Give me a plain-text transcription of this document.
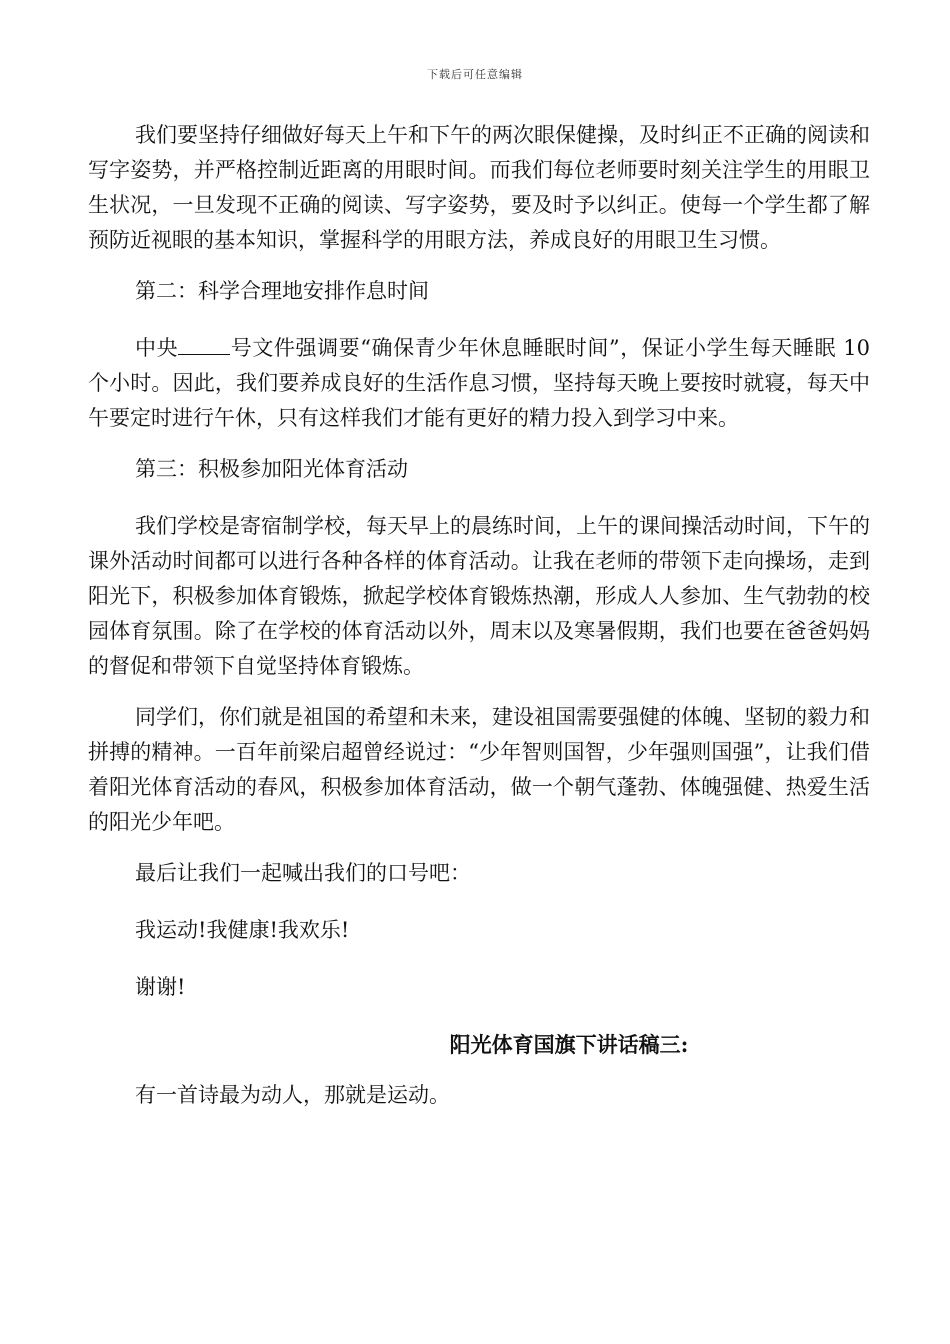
下载后可任意编辑

我们要坚持仔细做好每天上午和下午的两次眼保健操，及时纠正不正确的阅读和写字姿势，并严格控制近距离的用眼时间。而我们每位老师要时刻关注学生的用眼卫生状况，一旦发现不正确的阅读、写字姿势，要及时予以纠正。使每一个学生都了解预防近视眼的基本知识，掌握科学的用眼方法，养成良好的用眼卫生习惯。

第二：科学合理地安排作息时间

中央 号文件强调要“确保青少年休息睡眠时间”，保证小学生每天睡眠 10 个小时。因此，我们要养成良好的生活作息习惯，坚持每天晚上要按时就寝，每天中午要定时进行午休，只有这样我们才能有更好的精力投入到学习中来。

第三：积极参加阳光体育活动

我们学校是寄宿制学校，每天早上的晨练时间，上午的课间操活动时间，下午的课外活动时间都可以进行各种各样的体育活动。让我在老师的带领下走向操场，走到阳光下，积极参加体育锻炼，掀起学校体育锻炼热潮，形成人人参加、生气勃勃的校园体育氛围。除了在学校的体育活动以外，周末以及寒暑假期，我们也要在爸爸妈妈的督促和带领下自觉坚持体育锻炼。

同学们，你们就是祖国的希望和未来，建设祖国需要强健的体魄、坚韧的毅力和拼搏的精神。一百年前梁启超曾经说过：“少年智则国智，少年强则国强”，让我们借着阳光体育活动的春风，积极参加体育活动，做一个朝气蓬勃、体魄强健、热爱生活的阳光少年吧。

最后让我们一起喊出我们的口号吧：

我运动!我健康!我欢乐!

谢谢!

阳光体育国旗下讲话稿三:

有一首诗最为动人，那就是运动。
